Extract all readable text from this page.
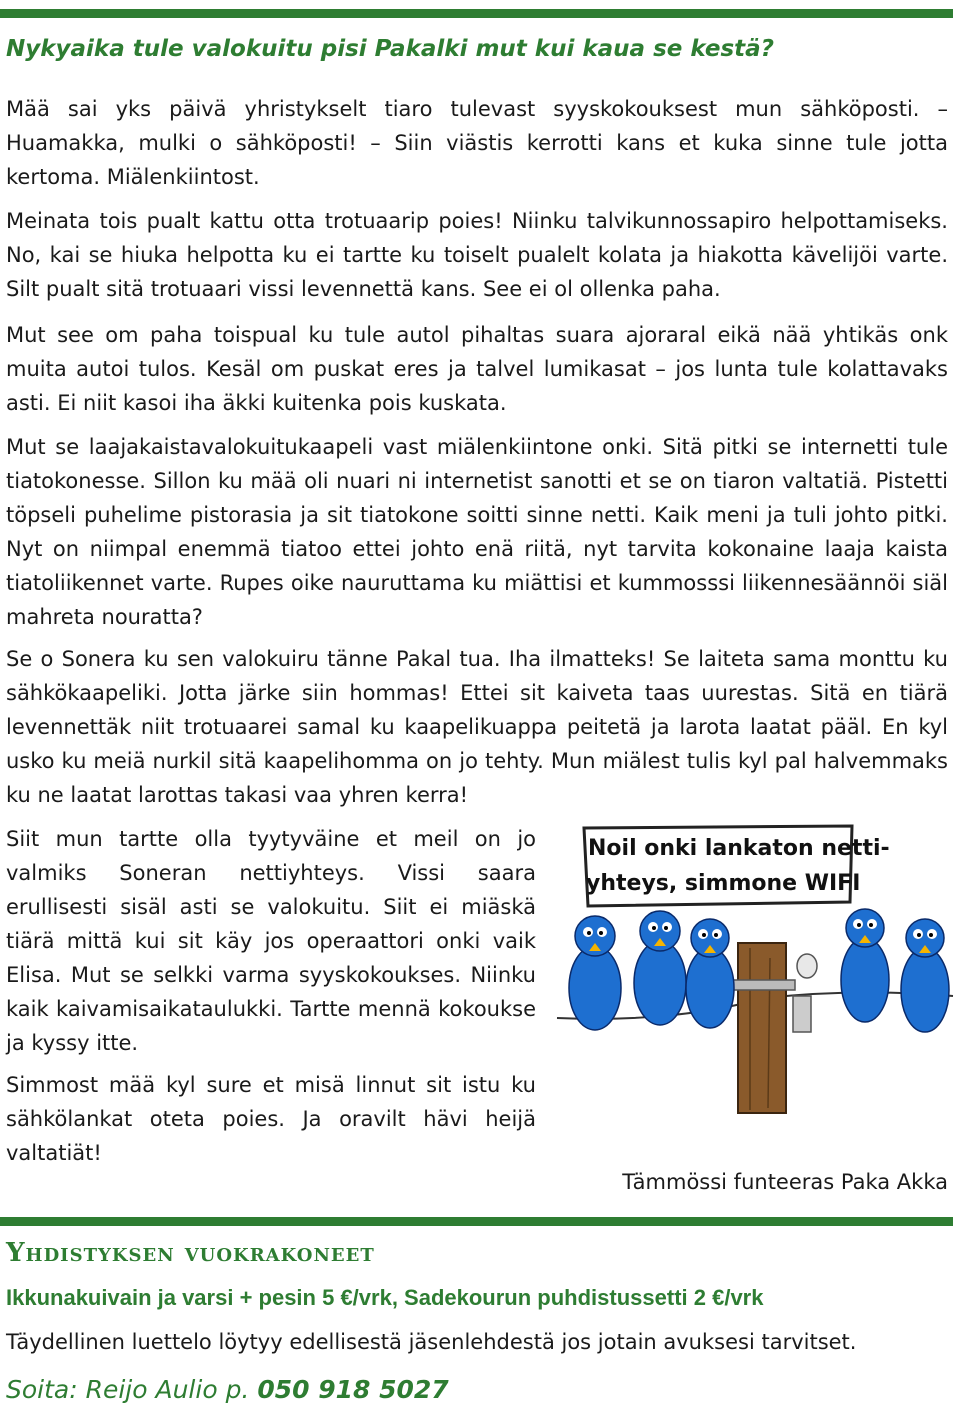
Nykyaika tule valokuitu pisi Pakalki mut kui kaua se kestä?
Mää sai yks päivä yhristykselt tiaro tulevast syyskokouksest mun sähköposti. – Huamakka, mulki o sähköposti! – Siin viästis kerrotti kans et kuka sinne tule jotta kertoma. Miälenkiintost.
Meinata tois pualt kattu otta trotuaarip poies! Niinku talvikunnossapiro helpottamiseks. No, kai se hiuka helpotta ku ei tartte ku toiselt pualelt kolata ja hiakotta kävelijöi varte. Silt pualt sitä trotuaari vissi levennettä kans. See ei ol ollenka paha.
Mut see om paha toispual ku tule autol pihaltas suara ajoraral eikä nää yhtikäs onk muita autoi tulos. Kesäl om puskat eres ja talvel lumikasat – jos lunta tule kolattavaks asti. Ei niit kasoi iha äkki kuitenka pois kuskata.
Mut se laajakaistavalokuitukaapeli vast miälenkiintone onki. Sitä pitki se internetti tule tiatokonesse. Sillon ku mää oli nuari ni internetist sanotti et se on tiaron valtatiä. Pistetti töpseli puhelime pistorasia ja sit tiatokone soitti sinne netti. Kaik meni ja tuli johto pitki. Nyt on niimpal enemmä tiatoo ettei johto enä riitä, nyt tarvita kokonaine laaja kaista tiatoliikennet varte. Rupes oike nauruttama ku miättisi et kummosssi liikennesäännöi siäl mahreta nouratta?
Se o Sonera ku sen valokuiru tänne Pakal tua. Iha ilmatteks! Se laiteta sama monttu ku sähkökaapeliki. Jotta järke siin hommas! Ettei sit kaiveta taas uurestas. Sitä en tiärä levennettäk niit trotuaarei samal ku kaapelikuappa peitetä ja larota laatat pääl. En kyl usko ku meiä nurkil sitä kaapelihomma on jo tehty. Mun miälest tulis kyl pal halvemmaks ku ne laatat larottas takasi vaa yhren kerra!
Siit mun tartte olla tyytyväine et meil on jo valmiks Soneran nettiyhteys. Vissi saara erullisesti sisäl asti se valokuitu. Siit ei miäskä tiärä mittä kui sit käy jos operaattori onki vaik Elisa. Mut se selkki varma syyskokoukses. Niinku kaik kaivamisaikataulukki. Tartte mennä kokoukse ja kyssy itte.
Simmost mää kyl sure et misä linnut sit istu ku sähkölankat oteta poies. Ja oravilt hävi heijä valtatiät!
Noil onki lankaton netti-
yhteys, simmone WIFI
Tämmössi funteeras Paka Akka
Yhdistyksen vuokrakoneet
Ikkunakuivain ja varsi + pesin 5 €/vrk, Sadekourun puhdistussetti 2 €/vrk
Täydellinen luettelo löytyy edellisestä jäsenlehdestä jos jotain avuksesi tarvitset.
Soita: Reijo Aulio p. 050 918 5027
